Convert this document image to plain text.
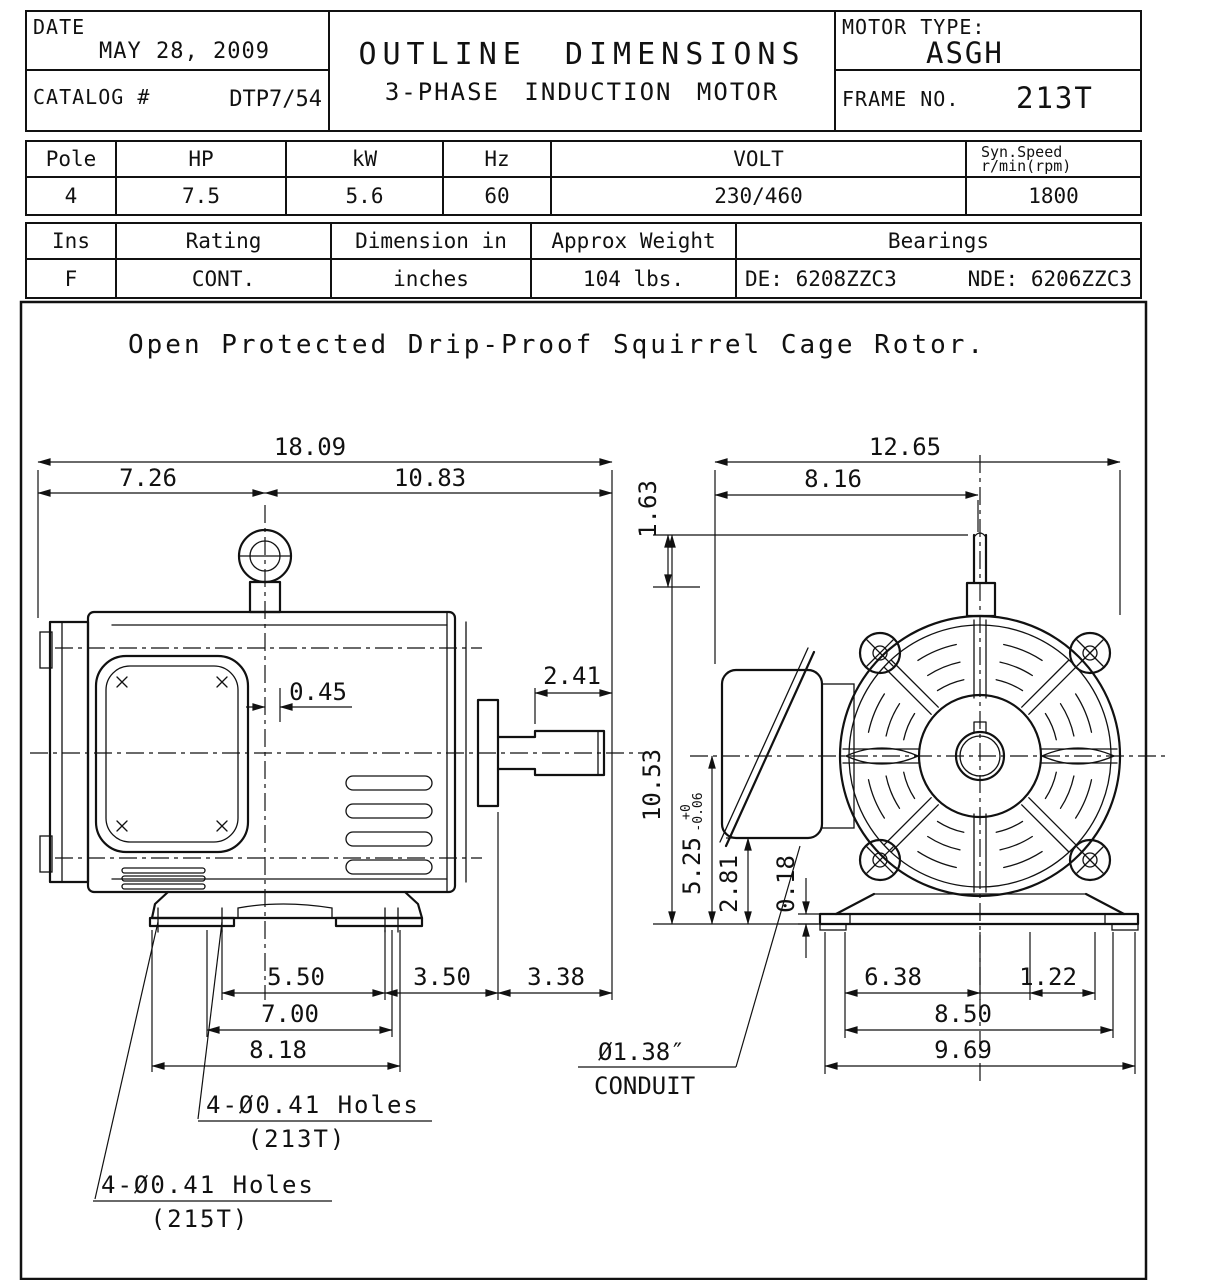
DATE
MAY 28, 2009
CATALOG #	DTP7/54
OUTLINE DIMENSIONS
3-PHASE INDUCTION MOTOR
MOTOR TYPE:
ASGH
FRAME NO. 213T
Pole	HP	kW	Hz	VOLT	Syn.Speed
r/min(rpm)
4	7.5	5.6	60	230/460	1800
Ins	Rating	Dimension in	Approx Weight	Bearings
F	CONT.	inches	104 lbs.	DE: 6208ZZC3	NDE: 6206ZZC3
Open Protected Drip-Proof Squirrel Cage Rotor.
18.09
7.26	10.83
0.45
2.41
5.50	3.50 3.38
7.00
8.18
4-Ø0.41 Holes
(213T)
4-Ø0.41 Holes
(215T)
12.65
8.16
1.63
10.53
5.25
+0
-0.06
2.81 0.18
6.38	1.22
8.50
9.69
Ø1.38″
CONDUIT
